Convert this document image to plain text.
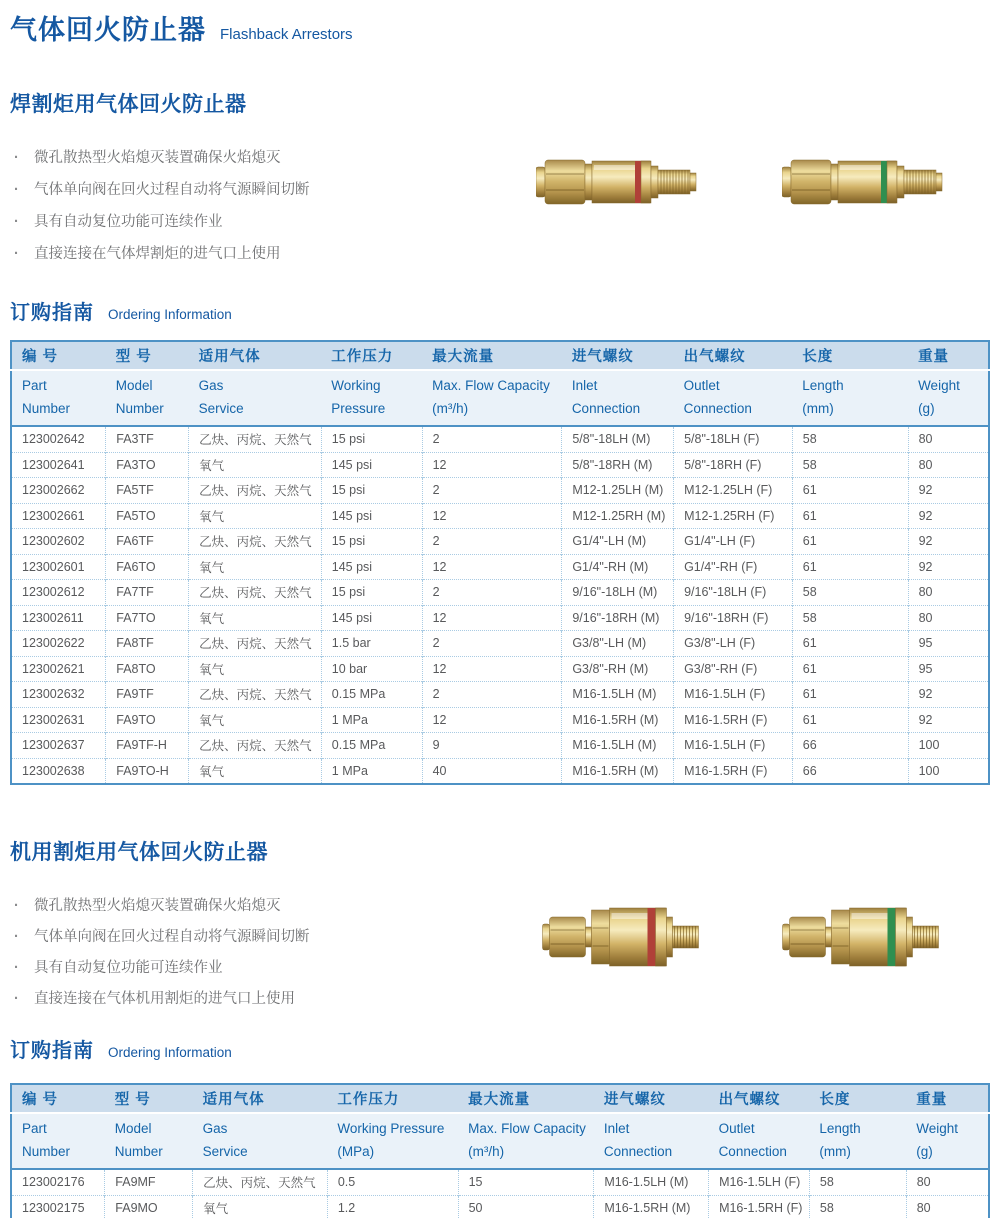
气体回火防止器 Flashback Arrestors
焊割炬用气体回火防止器
· 微孔散热型火焰熄灭装置确保火焰熄灭
· 气体单向阀在回火过程自动将气源瞬间切断
· 具有自动复位功能可连续作业
· 直接连接在气体焊割炬的进气口上使用
订购指南 Ordering Information
编 号	型 号	适用气体	工作压力	最大流量	进气螺纹	出气螺纹	长度	重量

Part
Number

Model
Number

Gas
Service

Working
Pressure

Max. Flow Capacity
(m³/h)

Inlet
Connection

Outlet
Connection

Length
(mm)

Weight
(g)

123002642	FA3TF	乙炔、丙烷、天然气	15 psi	2	5/8"-18LH (M)	5/8"-18LH (F)	58	80
123002641	FA3TO	氧气	145 psi	12	5/8"-18RH (M)	5/8"-18RH (F)	58	80
123002662	FA5TF	乙炔、丙烷、天然气	15 psi	2	M12-1.25LH (M)	M12-1.25LH (F)	61	92
123002661	FA5TO	氧气	145 psi	12	M12-1.25RH (M)	M12-1.25RH (F)	61	92
123002602	FA6TF	乙炔、丙烷、天然气	15 psi	2	G1/4"-LH (M)	G1/4"-LH (F)	61	92
123002601	FA6TO	氧气	145 psi	12	G1/4"-RH (M)	G1/4"-RH (F)	61	92
123002612	FA7TF	乙炔、丙烷、天然气	15 psi	2	9/16"-18LH (M)	9/16"-18LH (F)	58	80
123002611	FA7TO	氧气	145 psi	12	9/16"-18RH (M)	9/16"-18RH (F)	58	80
123002622	FA8TF	乙炔、丙烷、天然气	1.5 bar	2	G3/8"-LH (M)	G3/8"-LH (F)	61	95
123002621	FA8TO	氧气	10 bar	12	G3/8"-RH (M)	G3/8"-RH (F)	61	95
123002632	FA9TF	乙炔、丙烷、天然气	0.15 MPa	2	M16-1.5LH (M)	M16-1.5LH (F)	61	92
123002631	FA9TO	氧气	1 MPa	12	M16-1.5RH (M)	M16-1.5RH (F)	61	92
123002637	FA9TF-H	乙炔、丙烷、天然气	0.15 MPa	9	M16-1.5LH (M)	M16-1.5LH (F)	66	100
123002638	FA9TO-H	氧气	1 MPa	40	M16-1.5RH (M)	M16-1.5RH (F)	66	100
机用割炬用气体回火防止器
· 微孔散热型火焰熄灭装置确保火焰熄灭
· 气体单向阀在回火过程自动将气源瞬间切断
· 具有自动复位功能可连续作业
· 直接连接在气体机用割炬的进气口上使用
订购指南 Ordering Information
编 号	型 号	适用气体	工作压力	最大流量	进气螺纹	出气螺纹	长度	重量

Part
Number

Model
Number

Gas
Service

Working Pressure
(MPa)

Max. Flow Capacity
(m³/h)

Inlet
Connection

Outlet
Connection

Length
(mm)

Weight
(g)

123002176	FA9MF	乙炔、丙烷、天然气	0.5	15	M16-1.5LH (M)	M16-1.5LH (F)	58	80
123002175	FA9MO	氧气	1.2	50	M16-1.5RH (M)	M16-1.5RH (F)	58	80
